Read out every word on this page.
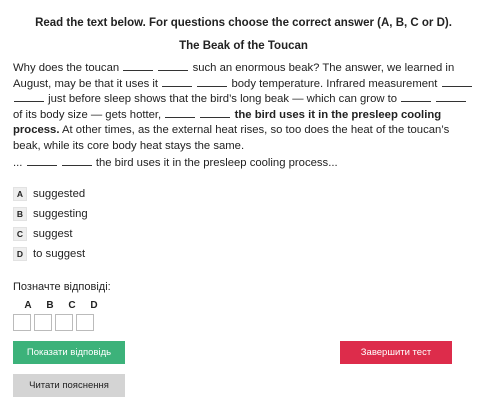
Read the text below. For questions choose the correct answer (A, B, C or D).
The Beak of the Toucan
Why does the toucan	such an enormous beak? The answer, we learned in August, may be that it uses it	body temperature. Infrared measurement   just before sleep shows that the bird’s long beak — which can grow to   of its body size — gets hotter,	the bird uses it in the presleep cooling process. At other times, as the external heat rises, so too does the heat of the toucan’s beak, while its core body heat stays the same.
...	the bird uses it in the presleep cooling process...
A suggested
B suggesting
C suggest
D to suggest
Позначте відповіді:
A	B	C	D
Показати відповідь	Завершити тест
Читати пояснення
